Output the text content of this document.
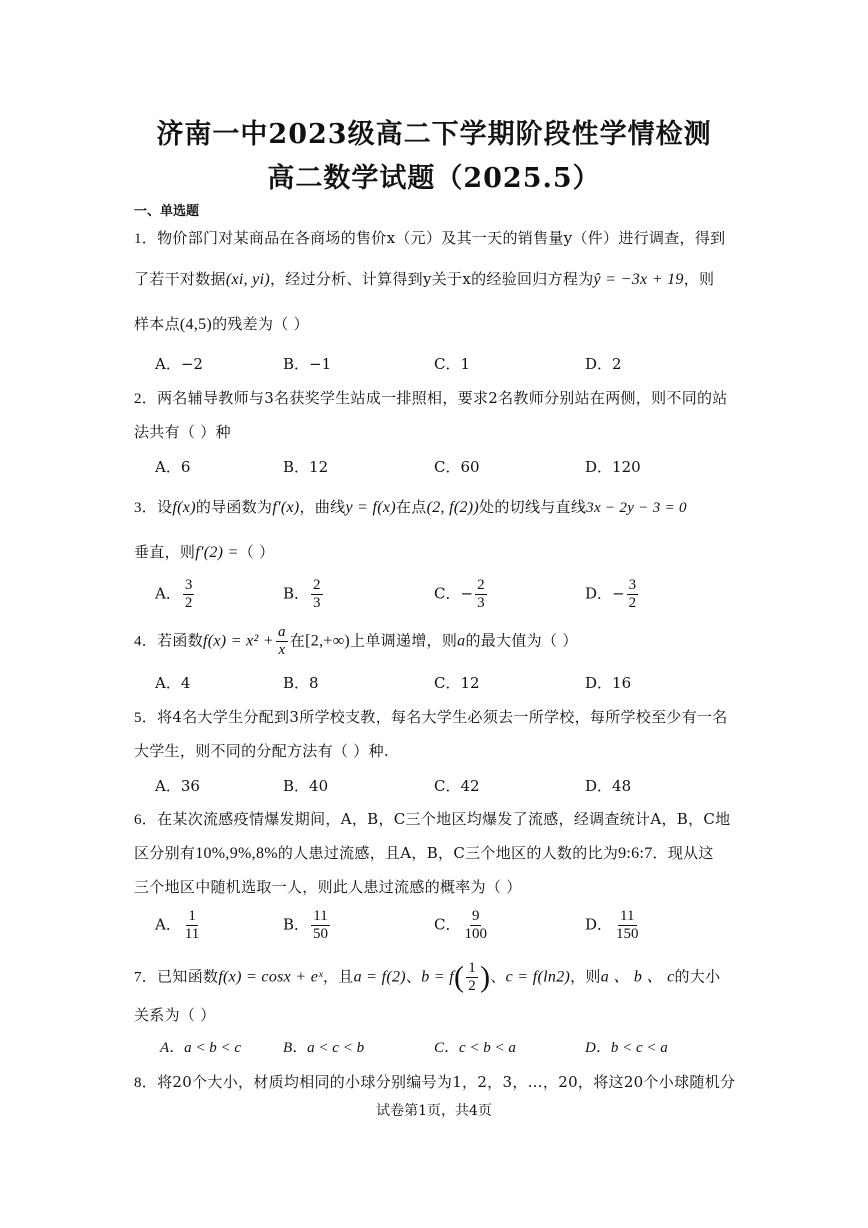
济南一中2023级高二下学期阶段性学情检测
高二数学试题（2025.5）
一、单选题
1．物价部门对某商品在各商场的售价x（元）及其一天的销售量y（件）进行调查，得到
了若干对数据(xi, yi)，经过分析、计算得到y关于x的经验回归方程为ŷ = −3x + 19，则
样本点(4,5)的残差为（ ）
A．−2	B．−1	C．1	D．2
2．两名辅导教师与3名获奖学生站成一排照相，要求2名教师分别站在两侧，则不同的站
法共有（ ）种
A．6	B．12	C．60	D．120
3．设f(x)的导函数为f′(x)，曲线y = f(x)在点(2, f(2))处的切线与直线3x − 2y − 3 = 0
垂直，则f′(2) =（ ）
A． $\frac{3}{2}$	B． $\frac{2}{3}$	C．− $\frac{2}{3}$	D．− $\frac{3}{2}$
4．若函数$f(x) = x^2 + \frac{a}{x}$ 在[2,+∞)上单调递增，则a的最大值为（ ）
A．4	B．8	C．12	D．16
5．将4名大学生分配到3所学校支教，每名大学生必须去一所学校，每所学校至少有一名
大学生，则不同的分配方法有（ ）种.
A．36	B．40	C．42	D．48
6．在某次流感疫情爆发期间，A，B，C三个地区均爆发了流感，经调查统计A，B，C地
区分别有10%,9%,8%的人患过流感，且A，B，C三个地区的人数的比为9:6:7．现从这
三个地区中随机选取一人，则此人患过流感的概率为（ ）
A． $\frac{1}{11}$	B． $\frac{11}{50}$	C． $\frac{9}{100}$	D． $\frac{11}{150}$
7．已知函数f(x) = cosx + eˣ，且a = f(2)、$b = f( \frac{1}{2}$ )、c = f(ln2)，则a 、 b 、 c的大小
关系为（ ）
A．a < b < c	B．a < c < b	C．c < b < a	D．b < c < a
8．将20个大小，材质均相同的小球分别编号为1，2，3，…，20，将这20个小球随机分
试卷第1页，共4页
